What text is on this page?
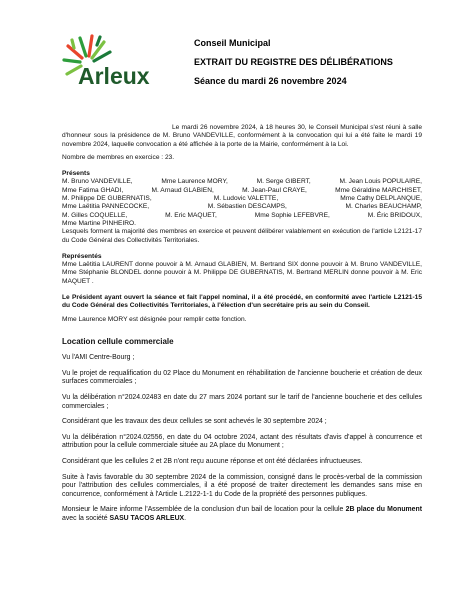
Arleux
Conseil Municipal
EXTRAIT DU REGISTRE DES DÉLIBÉRATIONS
Séance du mardi 26 novembre 2024

Le mardi 26 novembre 2024, à 18 heures 30, le Conseil Municipal s'est réuni à salle d'honneur sous la présidence de M. Bruno VANDEVILLE, conformément à la convocation qui lui a été faite le mardi 19 novembre 2024, laquelle convocation a été affichée à la porte de la Mairie, conformément à la Loi.

Nombre de membres en exercice : 23.

Présents
M. Bruno VANDEVILLE,	Mme Laurence MORY,	M. Serge GIBERT,	M. Jean Louis POPULAIRE,
Mme Fatima GHADI,	M. Arnaud GLABIEN,	M. Jean-Paul CRAYE,	Mme Géraldine MARCHISET,
M. Philippe DE GUBERNATIS,	M. Ludovic VALETTE,	Mme Cathy DELPLANQUE,
Mme Laëtitia PANNECOCKE,	M. Sébastien DESCAMPS,	M. Charles BEAUCHAMP,
M. Gilles COQUELLE,	M. Eric MAQUET,	Mme Sophie LEFEBVRE,	M. Éric BRIDOUX,
Mme Martine PINHEIRO.

Lesquels forment la majorité des membres en exercice et peuvent délibérer valablement en exécution de l'article L2121-17 du Code Général des Collectivités Territoriales.

Représentés

Mme Laëtitia LAURENT donne pouvoir à M. Arnaud GLABIEN, M. Bertrand SIX donne pouvoir à M. Bruno VANDEVILLE, Mme Stéphanie BLONDEL donne pouvoir à M. Philippe DE GUBERNATIS, M. Bertrand MERLIN donne pouvoir à M. Eric MAQUET .

Le Président ayant ouvert la séance et fait l'appel nominal, il a été procédé, en conformité avec l'article L2121-15 du Code Général des Collectivités Territoriales, à l'élection d'un secrétaire pris au sein du Conseil.

Mme Laurence MORY est désignée pour remplir cette fonction.

Location cellule commerciale

Vu l'AMI Centre-Bourg ;

Vu le projet de requalification du 02 Place du Monument en réhabilitation de l'ancienne boucherie et création de deux surfaces commerciales ;

Vu la délibération n°2024.02483 en date du 27 mars 2024 portant sur le tarif de l'ancienne boucherie et des cellules commerciales ;

Considérant que les travaux des deux cellules se sont achevés le 30 septembre 2024 ;

Vu la délibération n°2024.02556, en date du 04 octobre 2024, actant des résultats d'avis d'appel à concurrence et attribution pour la cellule commerciale située au 2A place du Monument ;

Considérant que les cellules 2 et 2B n'ont reçu aucune réponse et ont été déclarées infructueuses.

Suite à l'avis favorable du 30 septembre 2024 de la commission, consigné dans le procès-verbal de la commission pour l'attribution des cellules commerciales, il a été proposé de traiter directement les demandes sans mise en concurrence, conformément à l'Article L.2122-1-1 du Code de la propriété des personnes publiques.

Monsieur le Maire informe l'Assemblée de la conclusion d'un bail de location pour la cellule 2B place du Monument avec la société SASU TACOS ARLEUX.
